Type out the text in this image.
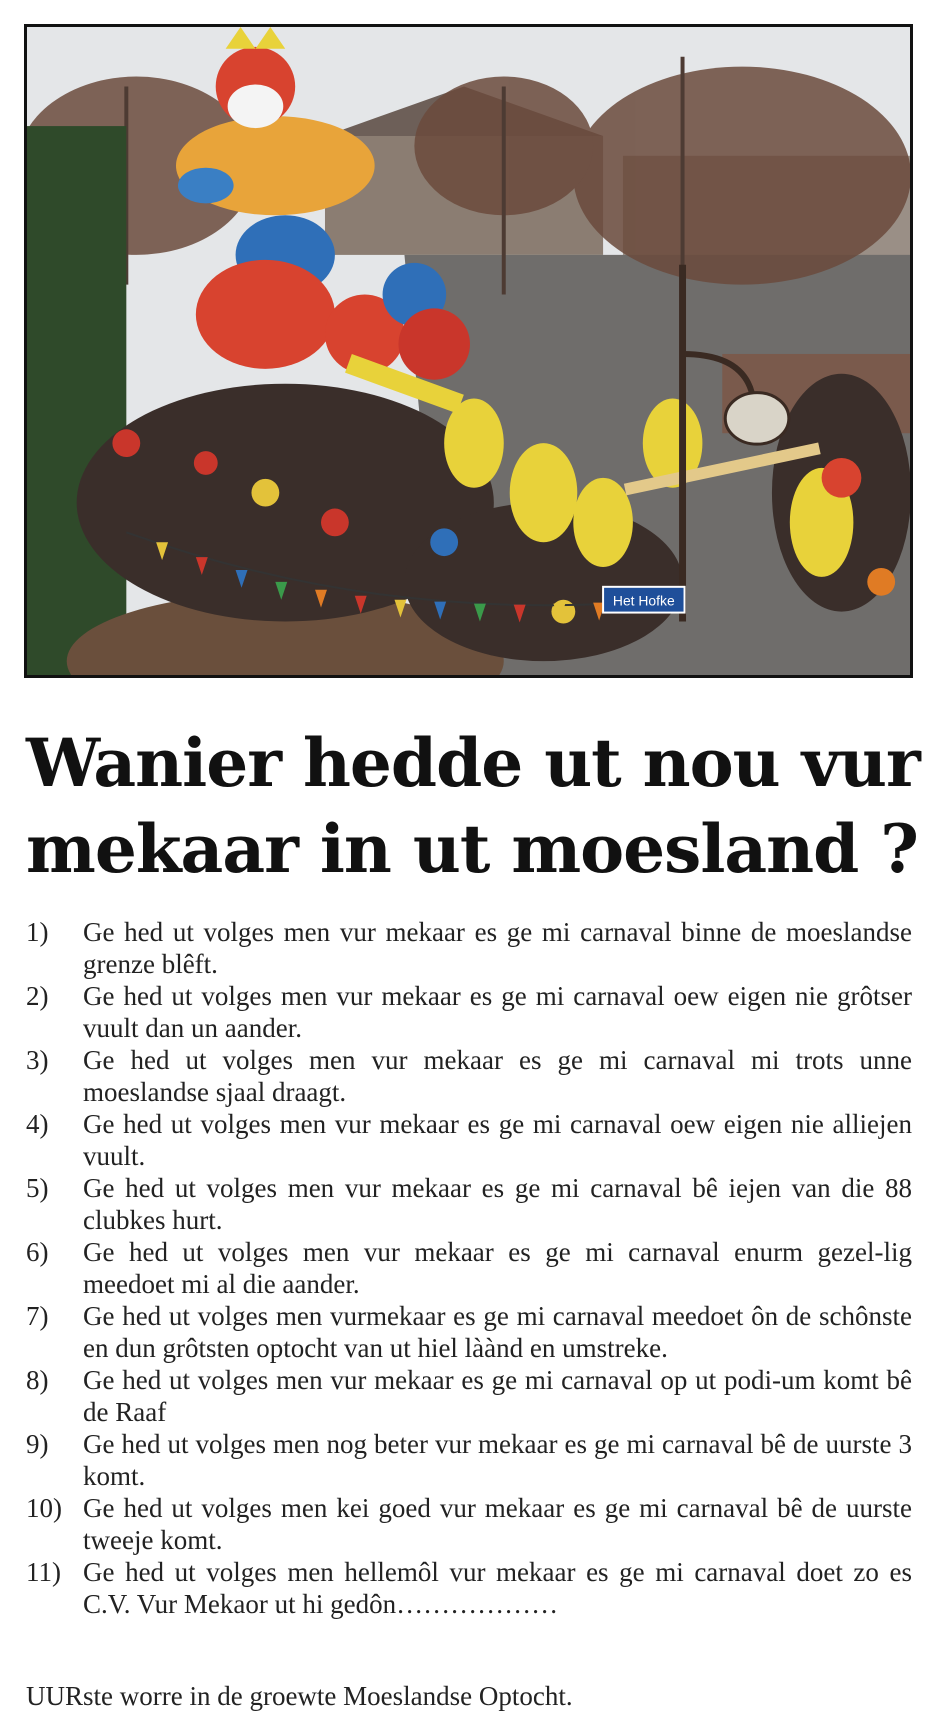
Het Hofke
Wanier hedde ut nou vur
mekaar in ut moesland ?
1) Ge hed ut volges men vur mekaar es ge mi carnaval binne de moeslandse grenze blêft.
2) Ge hed ut volges men vur mekaar es ge mi carnaval oew eigen nie grôtser vuult dan un aander.
3) Ge hed ut volges men vur mekaar es ge mi carnaval mi trots unne moeslandse sjaal draagt.
4) Ge hed ut volges men vur mekaar es ge mi carnaval oew eigen nie alliejen vuult.
5) Ge hed ut volges men vur mekaar es ge mi carnaval bê iejen van die 88 clubkes hurt.
6) Ge hed ut volges men vur mekaar es ge mi carnaval enurm gezel-lig meedoet mi al die aander.
7) Ge hed ut volges men vurmekaar es ge mi carnaval meedoet ôn de schônste en dun grôtsten optocht van ut hiel làànd en umstreke.
8) Ge hed ut volges men vur mekaar es ge mi carnaval op ut podi-um komt bê de Raaf
9) Ge hed ut volges men nog beter vur mekaar es ge mi carnaval bê de uurste 3 komt.
10) Ge hed ut volges men kei goed vur mekaar es ge mi carnaval bê de uurste tweeje komt.
11) Ge hed ut volges men hellemôl vur mekaar es ge mi carnaval doet zo es C.V. Vur Mekaor ut hi gedôn………………

UURste worre in de groewte Moeslandse Optocht.
